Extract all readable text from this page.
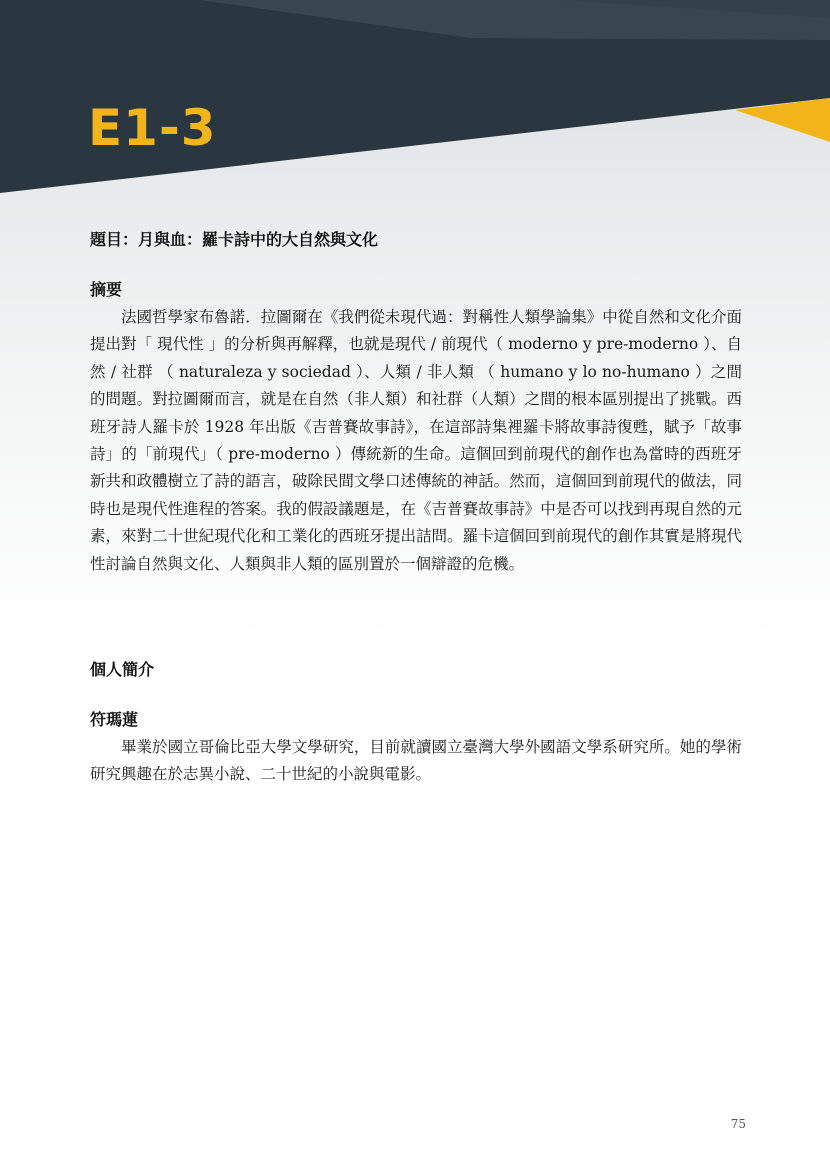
E1-3
題目：月與血：羅卡詩中的大自然與文化
摘要

法國哲學家布魯諾．拉圖爾在《我們從未現代過：對稱性人類學論集》中從自然和文化介面提出對「 現代性 」的分析與再解釋，也就是現代 / 前現代（ moderno y pre-moderno ）、自然 / 社群 （ naturaleza y sociedad ）、人類 / 非人類 （ humano y lo no-humano ）之間的問題。對拉圖爾而言，就是在自然（非人類）和社群（人類）之間的根本區別提出了挑戰。西班牙詩人羅卡於 1928 年出版《吉普賽故事詩》，在這部詩集裡羅卡將故事詩復甦，賦予「故事詩」的「前現代」（ pre-moderno ）傳統新的生命。這個回到前現代的創作也為當時的西班牙新共和政體樹立了詩的語言，破除民間文學口述傳統的神話。然而，這個回到前現代的做法，同時也是現代性進程的答案。我的假設議題是，在《吉普賽故事詩》中是否可以找到再現自然的元素，來對二十世紀現代化和工業化的西班牙提出詰問。羅卡這個回到前現代的創作其實是將現代性討論自然與文化、人類與非人類的區別置於一個辯證的危機。

個人簡介
符瑪蓮

畢業於國立哥倫比亞大學文學研究，目前就讀國立臺灣大學外國語文學系研究所。她的學術研究興趣在於志異小說、二十世紀的小說與電影。

75
